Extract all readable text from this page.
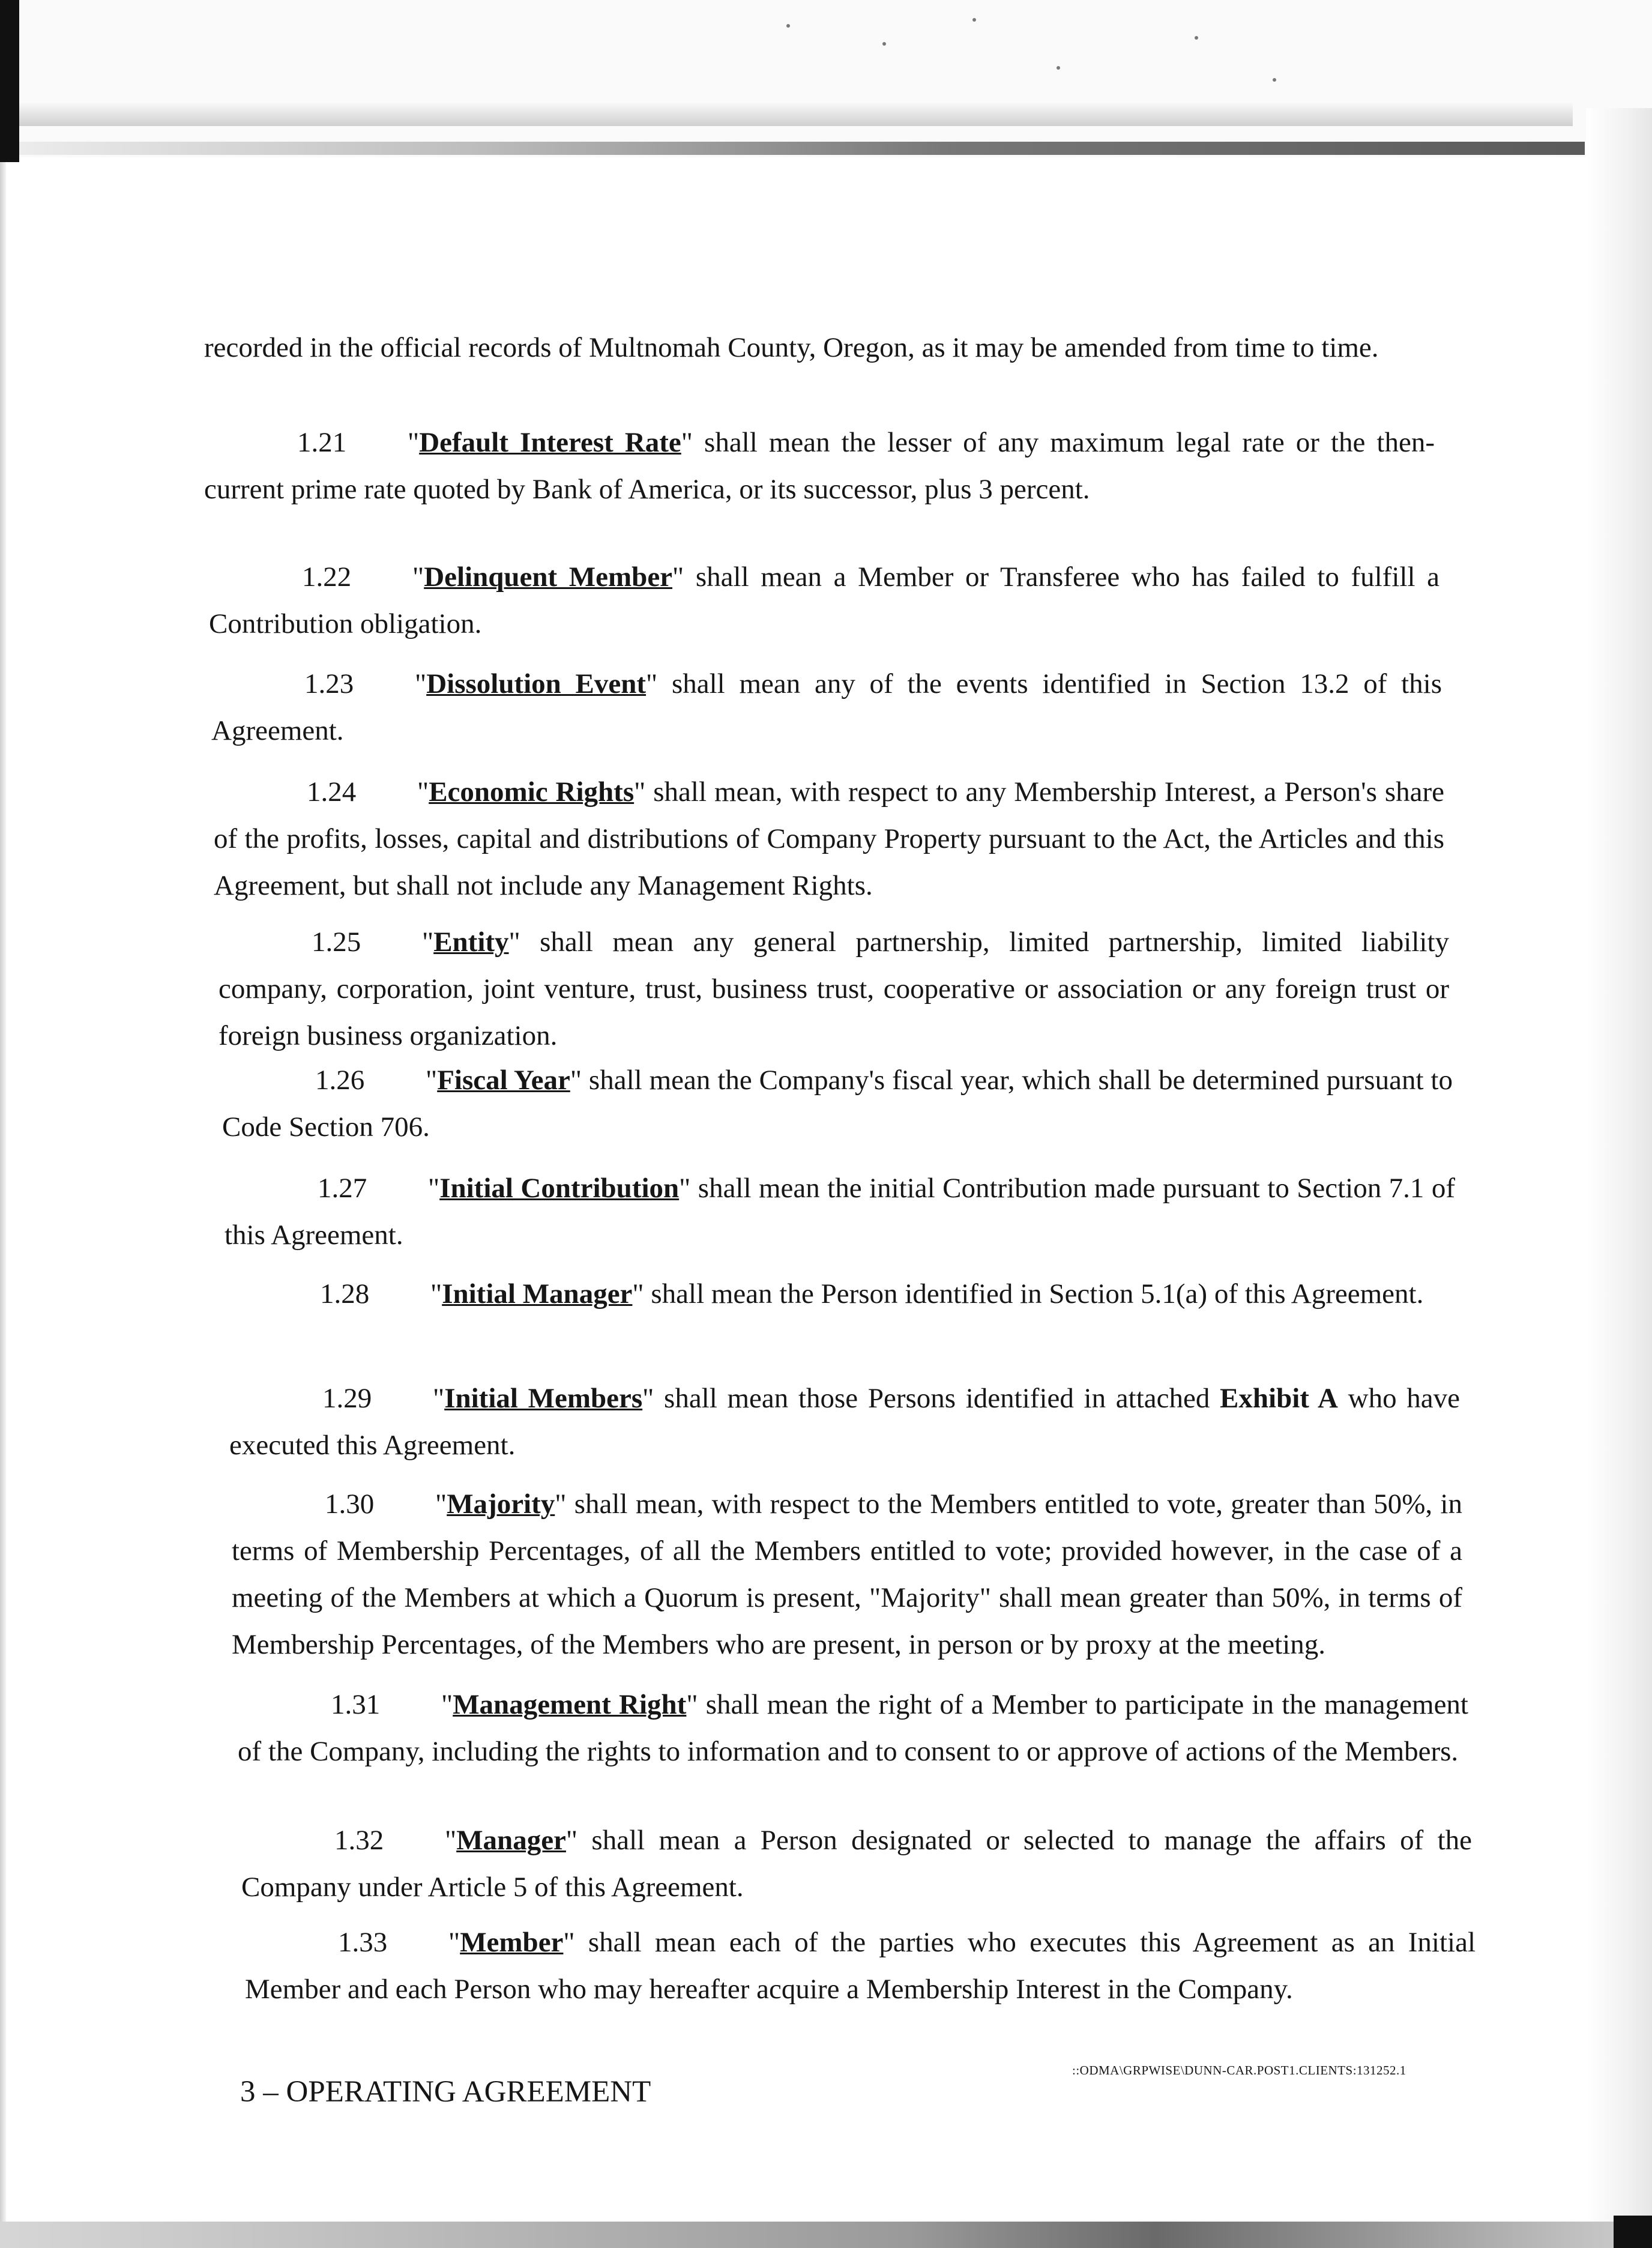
recorded in the official records of Multnomah County, Oregon, as it may be amended from time to time.

1.21 "Default Interest Rate" shall mean the lesser of any maximum legal rate or the then-current prime rate quoted by Bank of America, or its successor, plus 3 percent.

1.22 "Delinquent Member" shall mean a Member or Transferee who has failed to fulfill a Contribution obligation.

1.23 "Dissolution Event" shall mean any of the events identified in Section 13.2 of this Agreement.

1.24 "Economic Rights" shall mean, with respect to any Membership Interest, a Person's share of the profits, losses, capital and distributions of Company Property pursuant to the Act, the Articles and this Agreement, but shall not include any Management Rights.

1.25 "Entity" shall mean any general partnership, limited partnership, limited liability company, corporation, joint venture, trust, business trust, cooperative or association or any foreign trust or foreign business organization.

1.26 "Fiscal Year" shall mean the Company's fiscal year, which shall be determined pursuant to Code Section 706.

1.27 "Initial Contribution" shall mean the initial Contribution made pursuant to Section 7.1 of this Agreement.

1.28 "Initial Manager" shall mean the Person identified in Section 5.1(a) of this Agreement.

1.29 "Initial Members" shall mean those Persons identified in attached Exhibit A who have executed this Agreement.

1.30 "Majority" shall mean, with respect to the Members entitled to vote, greater than 50%, in terms of Membership Percentages, of all the Members entitled to vote; provided however, in the case of a meeting of the Members at which a Quorum is present, "Majority" shall mean greater than 50%, in terms of Membership Percentages, of the Members who are present, in person or by proxy at the meeting.

1.31 "Management Right" shall mean the right of a Member to participate in the management of the Company, including the rights to information and to consent to or approve of actions of the Members.

1.32 "Manager" shall mean a Person designated or selected to manage the affairs of the Company under Article 5 of this Agreement.

1.33 "Member" shall mean each of the parties who executes this Agreement as an Initial Member and each Person who may hereafter acquire a Membership Interest in the Company.

3 – OPERATING AGREEMENT
::ODMA\GRPWISE\DUNN-CAR.POST1.CLIENTS:131252.1
